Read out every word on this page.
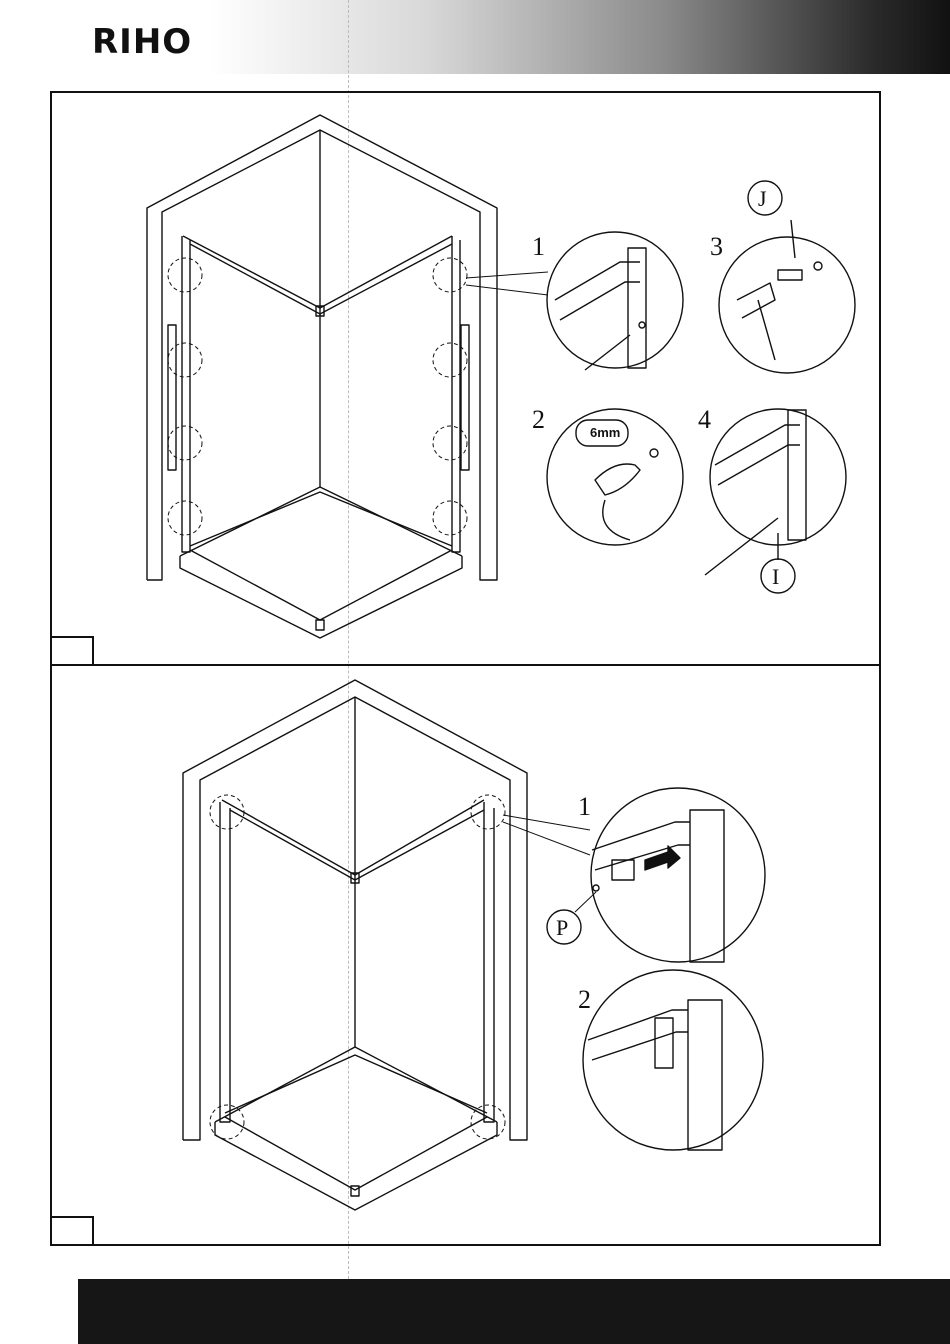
RIHO
1
2
3
4
6mm
J
I
1
2
P
